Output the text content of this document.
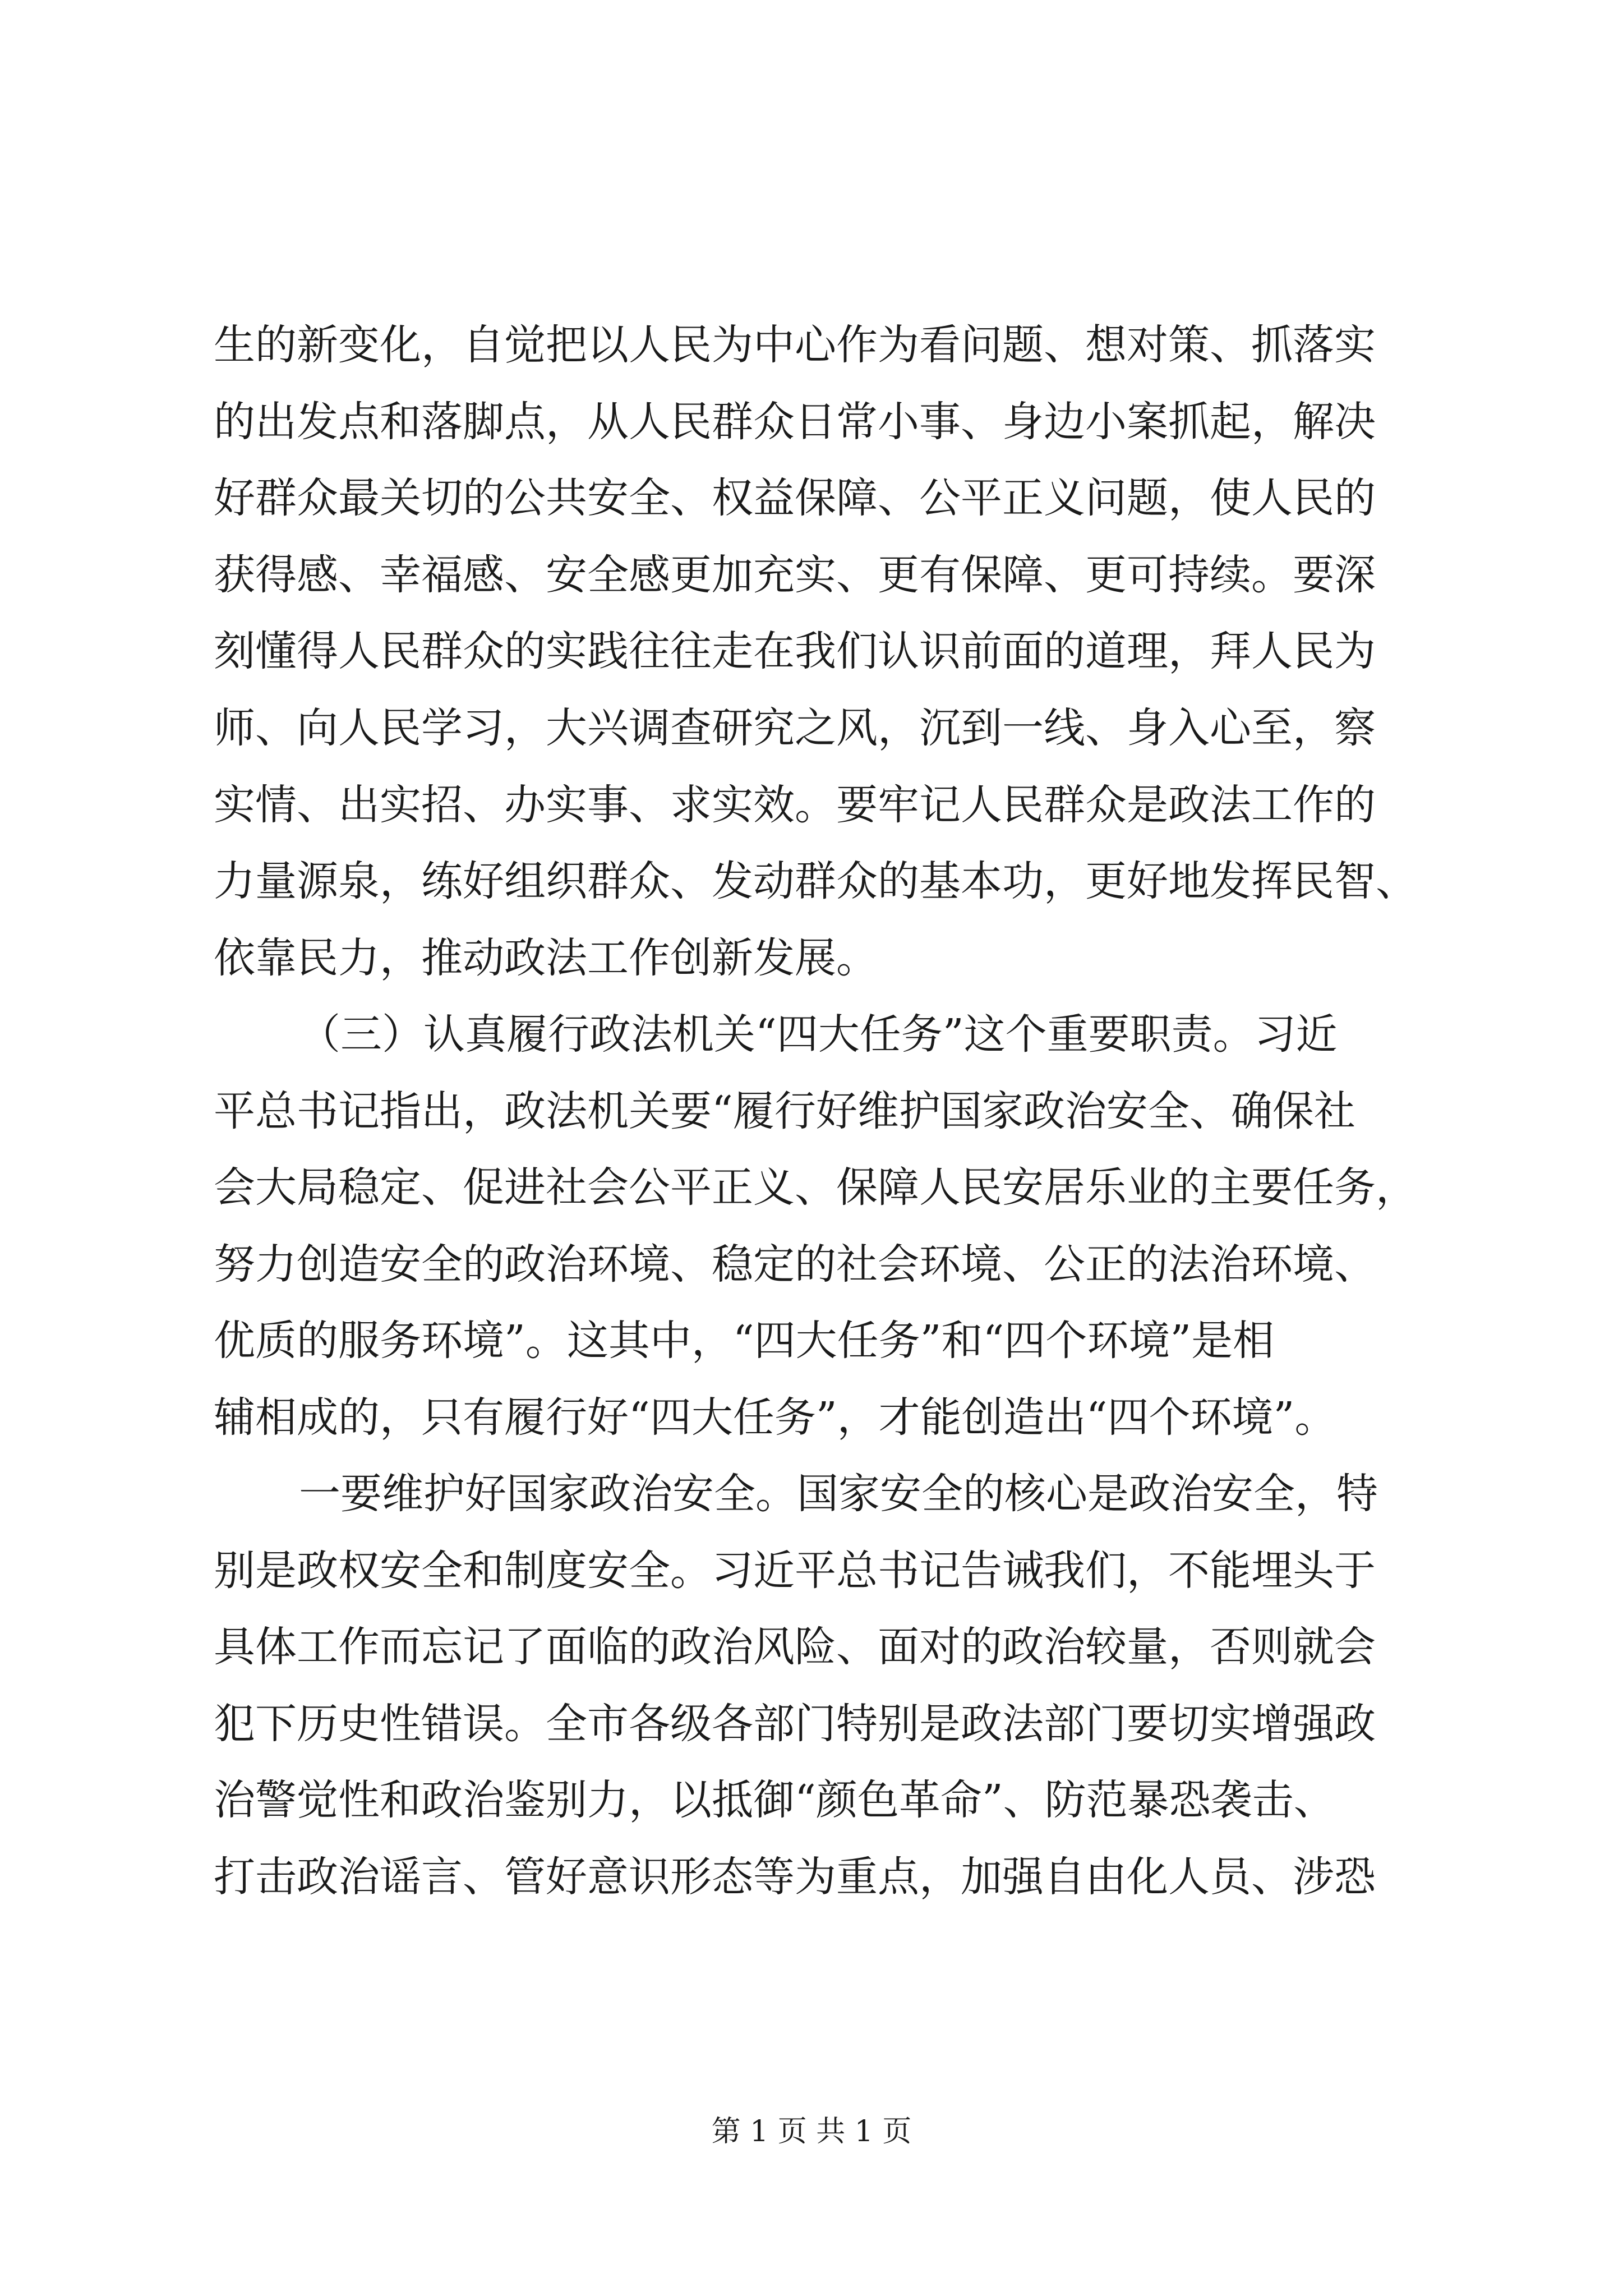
生的新变化，自觉把以人民为中心作为看问题、想对策、抓落实
的出发点和落脚点，从人民群众日常小事、身边小案抓起，解决
好群众最关切的公共安全、权益保障、公平正义问题，使人民的
获得感、幸福感、安全感更加充实、更有保障、更可持续。要深
刻懂得人民群众的实践往往走在我们认识前面的道理，拜人民为
师、向人民学习，大兴调查研究之风，沉到一线、身入心至，察
实情、出实招、办实事、求实效。要牢记人民群众是政法工作的
力量源泉，练好组织群众、发动群众的基本功，更好地发挥民智、
依靠民力，推动政法工作创新发展。
（三）认真履行政法机关“四大任务”这个重要职责。习近
平总书记指出，政法机关要“履行好维护国家政治安全、确保社
会大局稳定、促进社会公平正义、保障人民安居乐业的主要任务，
努力创造安全的政治环境、稳定的社会环境、公正的法治环境、
优质的服务环境”。这其中，“四大任务”和“四个环境”是相
辅相成的，只有履行好“四大任务”，才能创造出“四个环境”。
一要维护好国家政治安全。国家安全的核心是政治安全，特
别是政权安全和制度安全。习近平总书记告诫我们，不能埋头于
具体工作而忘记了面临的政治风险、面对的政治较量，否则就会
犯下历史性错误。全市各级各部门特别是政法部门要切实增强政
治警觉性和政治鉴别力，以抵御“颜色革命”、防范暴恐袭击、
打击政治谣言、管好意识形态等为重点，加强自由化人员、涉恐
第 1 页 共 1 页
